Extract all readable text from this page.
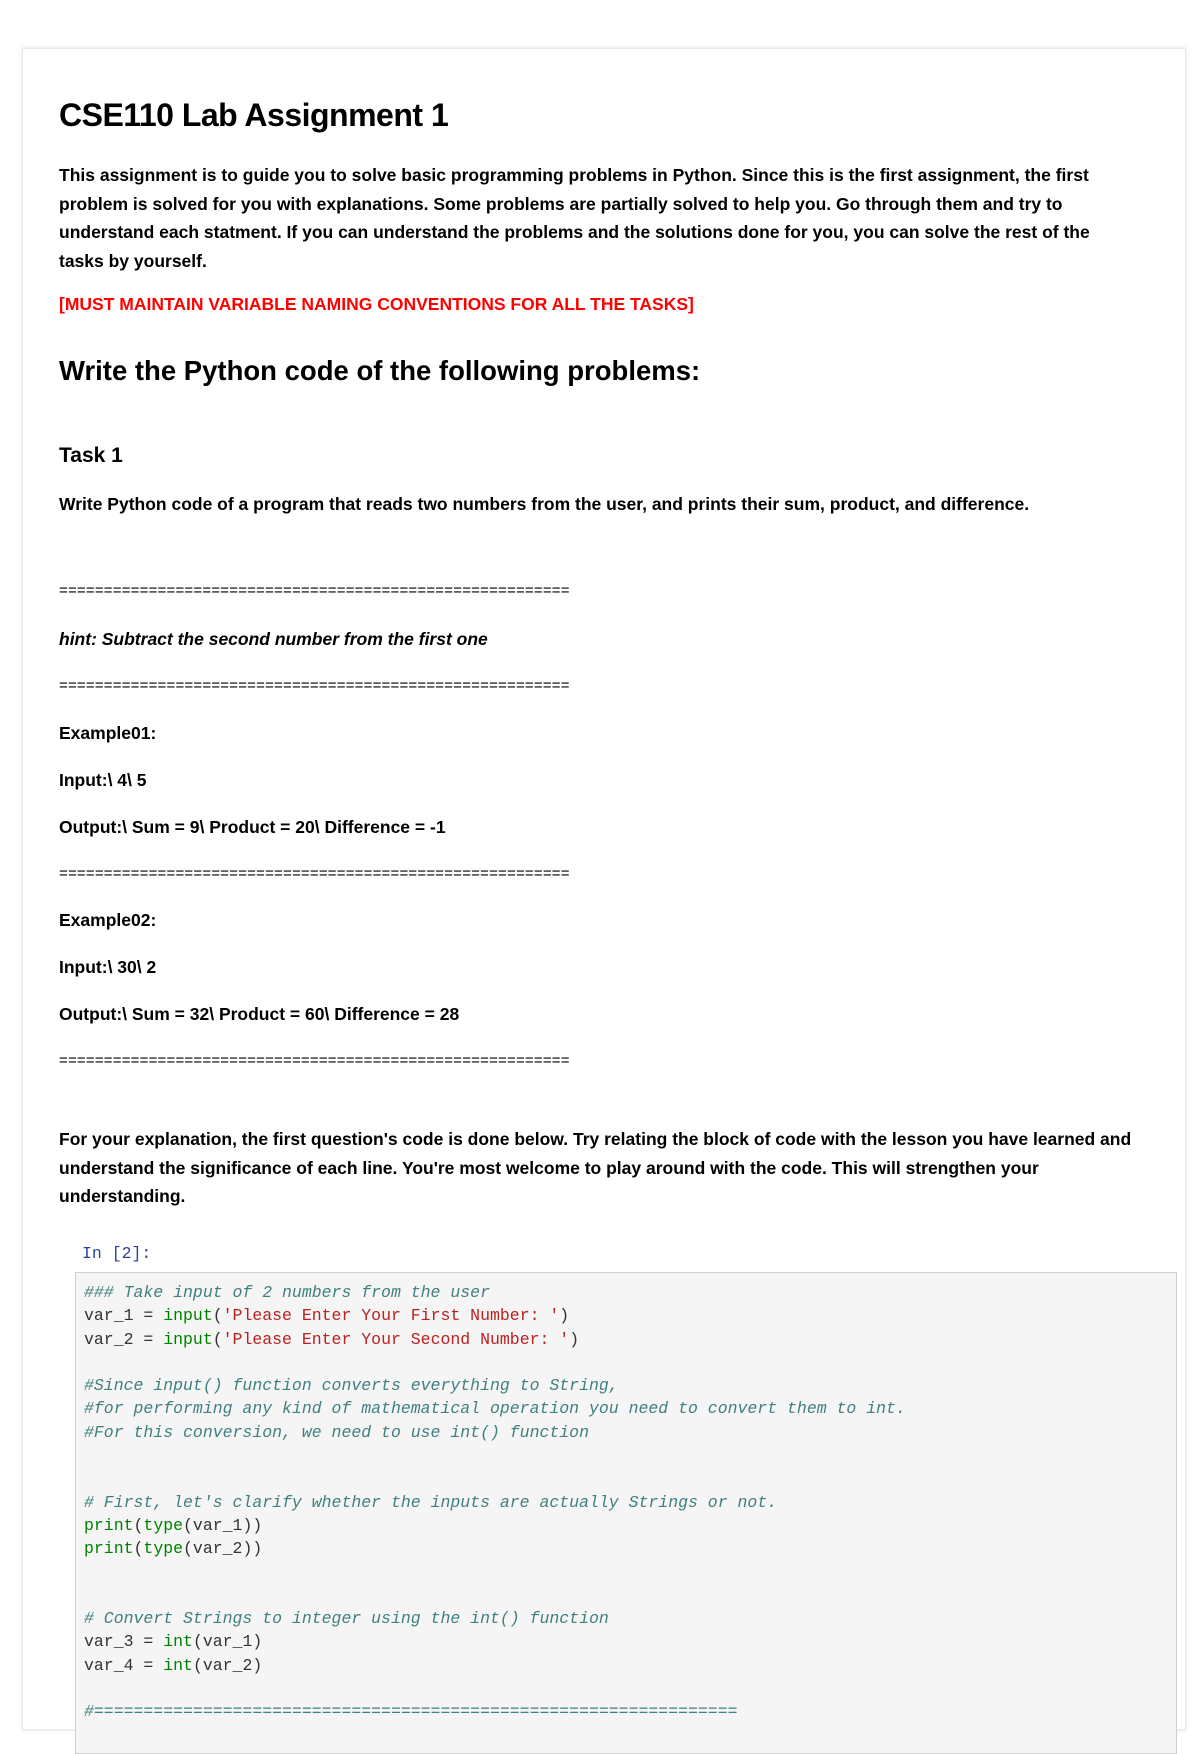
CSE110 Lab Assignment 1

This assignment is to guide you to solve basic programming problems in Python. Since this is the first assignment, the first problem is solved for you with explanations. Some problems are partially solved to help you. Go through them and try to understand each statment. If you can understand the problems and the solutions done for you, you can solve the rest of the tasks by yourself.

[MUST MAINTAIN VARIABLE NAMING CONVENTIONS FOR ALL THE TASKS]

Write the Python code of the following problems:
Task 1

Write Python code of a program that reads two numbers from the user, and prints their sum, product, and difference.

=========================================================

hint: Subtract the second number from the first one

=========================================================

Example01:

Input:\ 4\ 5

Output:\ Sum = 9\ Product = 20\ Difference = -1

=========================================================

Example02:

Input:\ 30\ 2

Output:\ Sum = 32\ Product = 60\ Difference = 28

=========================================================

For your explanation, the first question's code is done below. Try relating the block of code with the lesson you have learned and understand the significance of each line. You're most welcome to play around with the code. This will strengthen your understanding.

In [2]:
### Take input of 2 numbers from the user
var_1 = input('Please Enter Your First Number: ')
var_2 = input('Please Enter Your Second Number: ')
#Since input() function converts everything to String,
#for performing any kind of mathematical operation you need to convert them to int.
#For this conversion, we need to use int() function
# First, let's clarify whether the inputs are actually Strings or not.
print(type(var_1))
print(type(var_2))
# Convert Strings to integer using the int() function
var_3 = int(var_1)
var_4 = int(var_2)
#=================================================================
